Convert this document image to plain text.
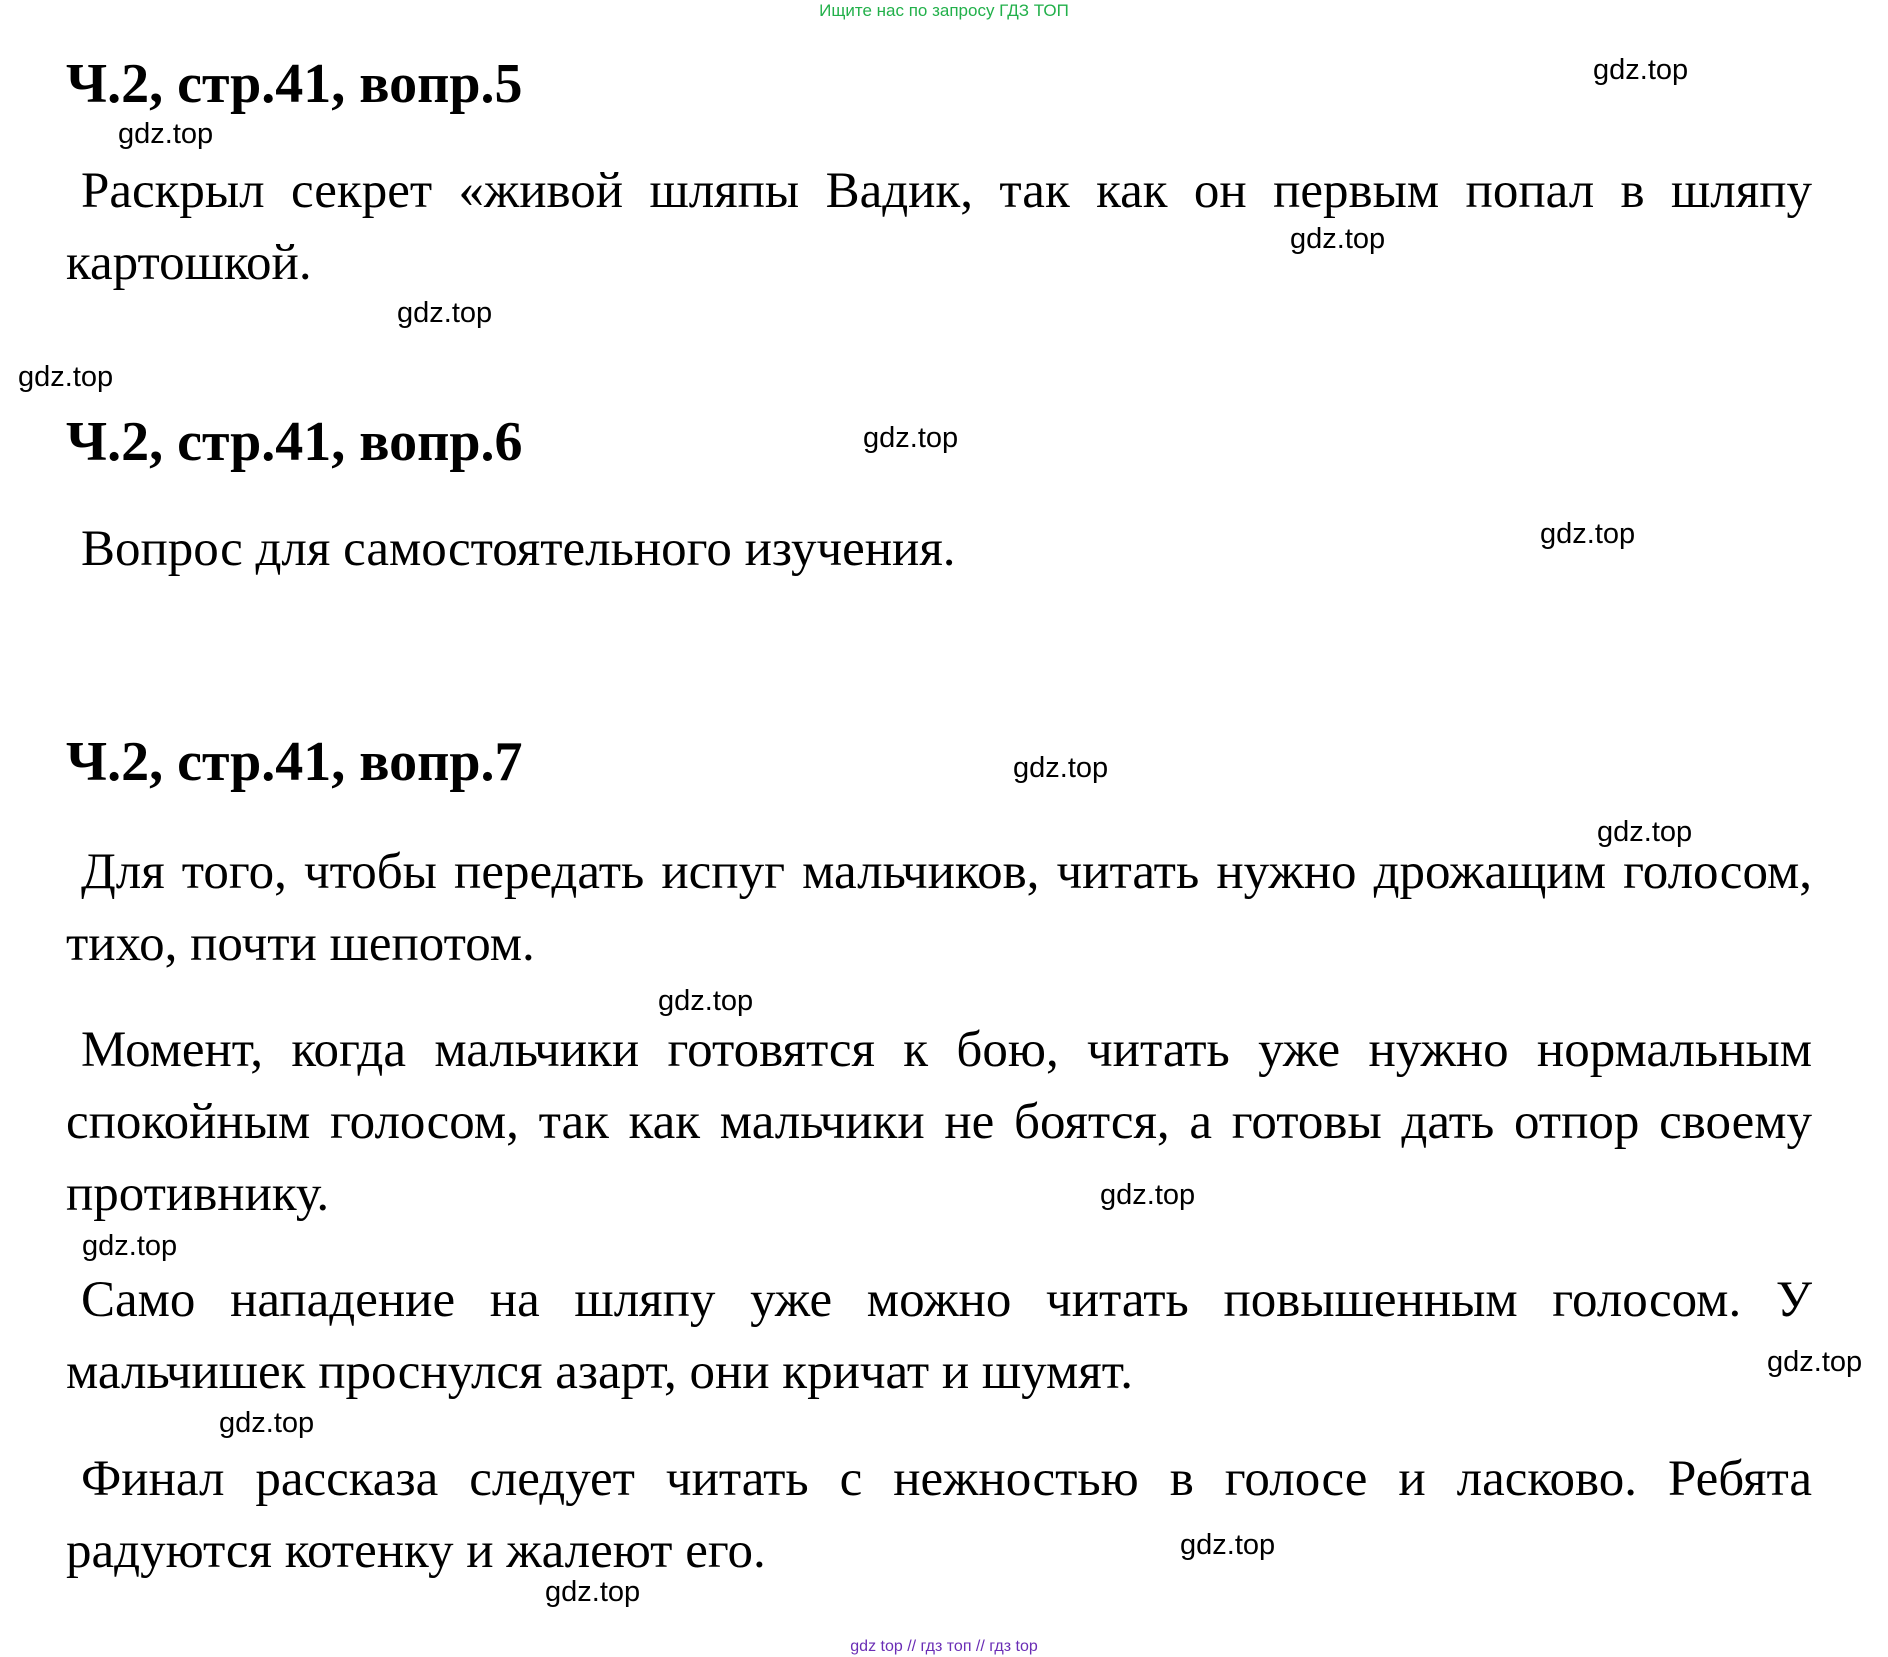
Ищите нас по запросу ГДЗ ТОП
Ч.2, стр.41, вопр.5

Раскрыл секрет «живой шляпы Вадик, так как он первым попал в шляпу картошкой.

Ч.2, стр.41, вопр.6

Вопрос для самостоятельного изучения.

Ч.2, стр.41, вопр.7

Для того, чтобы передать испуг мальчиков, читать нужно дрожащим голосом, тихо, почти шепотом.

Момент, когда мальчики готовятся к бою, читать уже нужно нормальным спокойным голосом, так как мальчики не боятся, а готовы дать отпор своему противнику.

Само нападение на шляпу уже можно читать повышенным голосом. У мальчишек проснулся азарт, они кричат и шумят.

Финал рассказа следует читать с нежностью в голосе и ласково. Ребята радуются котенку и жалеют его.

gdz.top
gdz.top
gdz.top
gdz.top
gdz.top
gdz.top
gdz.top
gdz.top
gdz.top
gdz.top
gdz.top
gdz.top
gdz.top
gdz.top
gdz.top
gdz.top
gdz top // гдз топ // гдз top
